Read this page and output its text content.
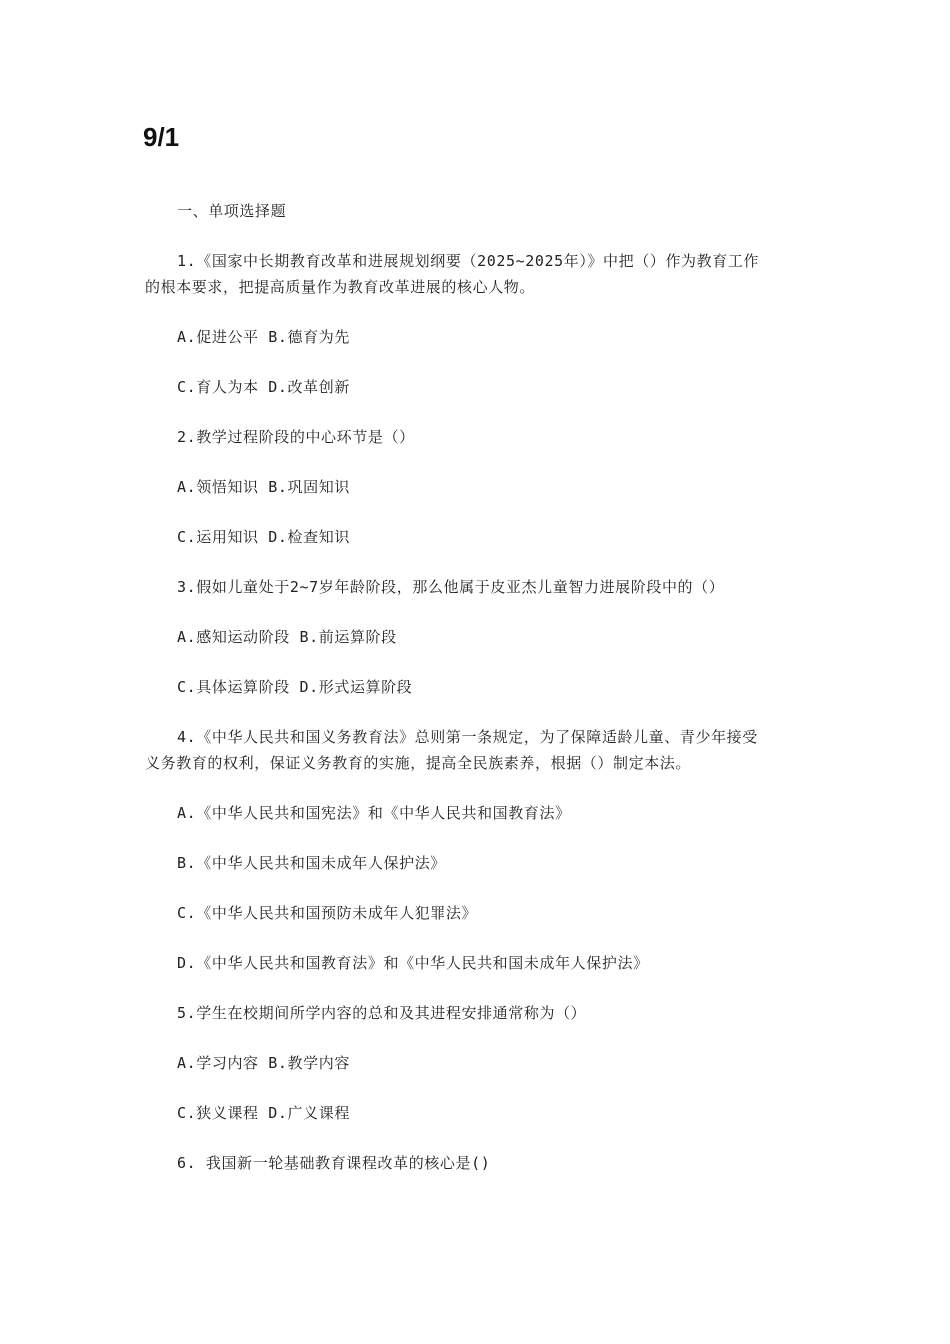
9/1

一、单项选择题

1.《国家中长期教育改革和进展规划纲要（2025~2025年）》中把（）作为教育工作

的根本要求，把提高质量作为教育改革进展的核心人物。

A.促进公平 B.德育为先

C.育人为本 D.改革创新

2.教学过程阶段的中心环节是（）

A.领悟知识 B.巩固知识

C.运用知识 D.检查知识

3.假如儿童处于2~7岁年龄阶段，那么他属于皮亚杰儿童智力进展阶段中的（）

A.感知运动阶段 B.前运算阶段

C.具体运算阶段 D.形式运算阶段

4.《中华人民共和国义务教育法》总则第一条规定，为了保障适龄儿童、青少年接受

义务教育的权利，保证义务教育的实施，提高全民族素养，根据（）制定本法。

A.《中华人民共和国宪法》和《中华人民共和国教育法》

B.《中华人民共和国未成年人保护法》

C.《中华人民共和国预防未成年人犯罪法》

D.《中华人民共和国教育法》和《中华人民共和国未成年人保护法》

5.学生在校期间所学内容的总和及其进程安排通常称为（）

A.学习内容 B.教学内容

C.狭义课程 D.广义课程

6. 我国新一轮基础教育课程改革的核心是()
